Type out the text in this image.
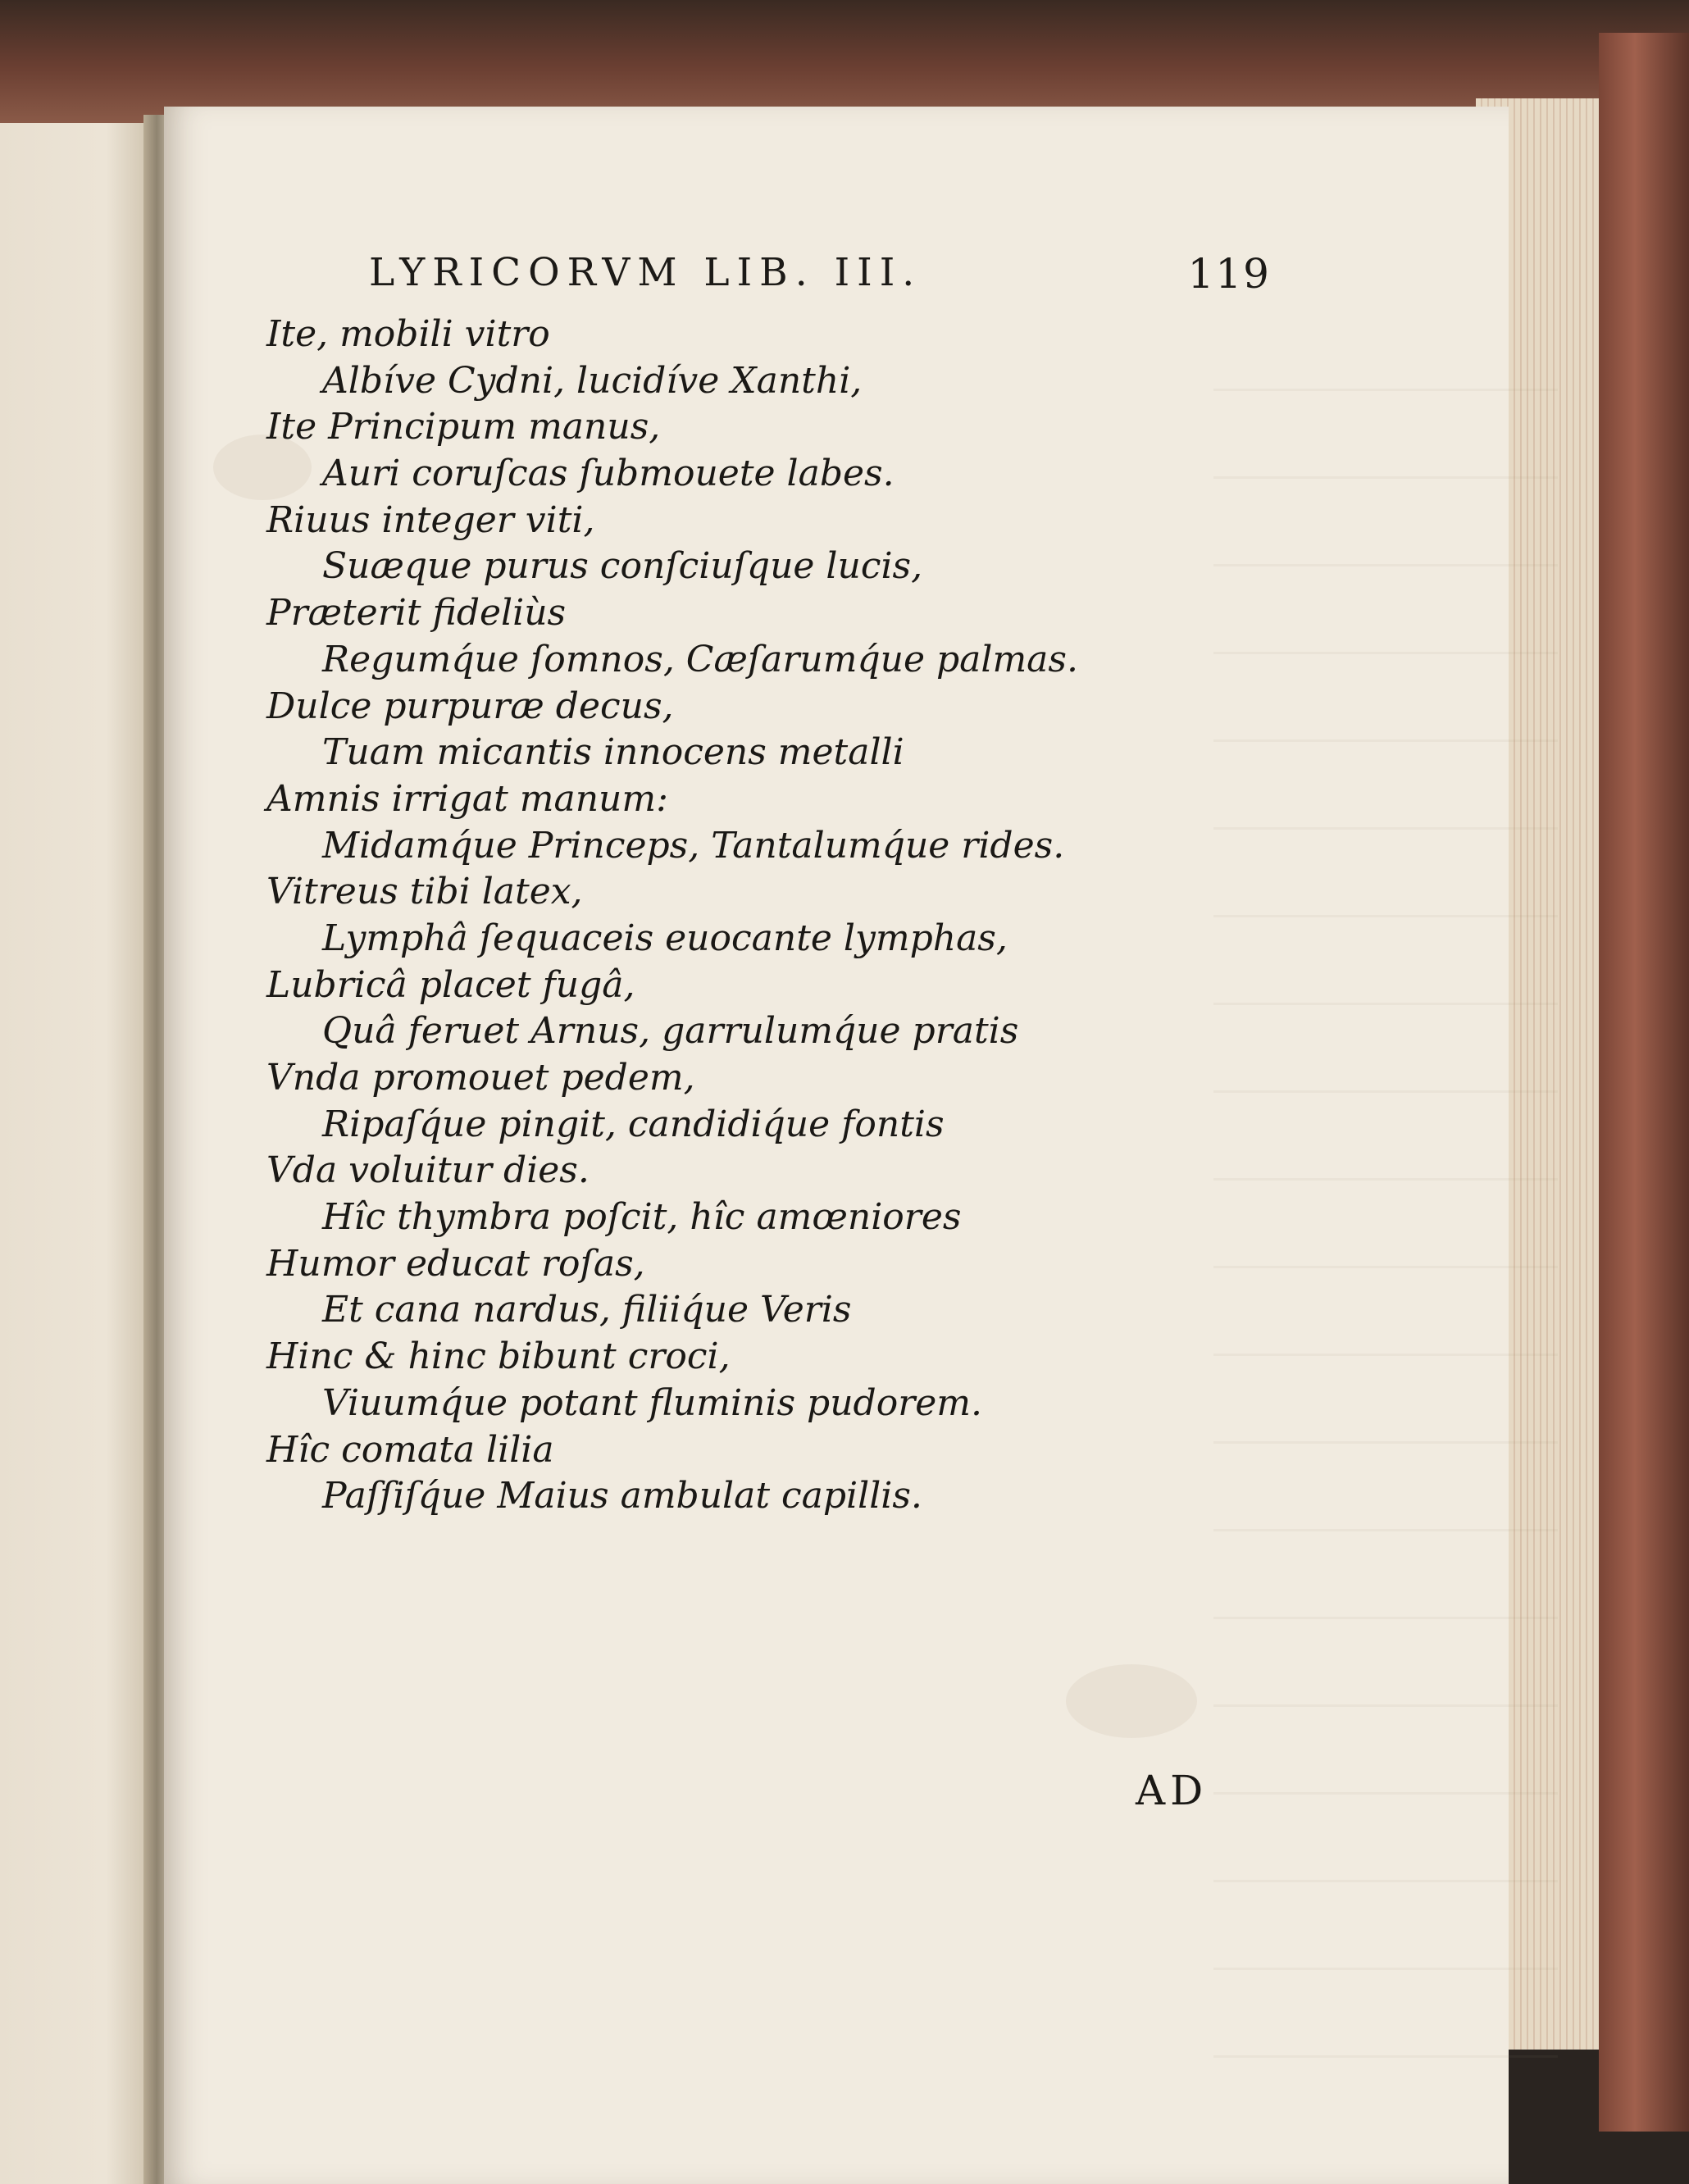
LYRICORVM LIB. III.	119
Ite, mobili vitro
Albíve Cydni, lucidíve Xanthi,
Ite Principum manus,
Auri coruſcas ſubmouete labes.
Riuus integer viti,
Suæque purus conſciuſque lucis,
Præterit fideliùs
Regumq́ue ſomnos, Cæſarumq́ue palmas.
Dulce purpuræ decus,
Tuam micantis innocens metalli
Amnis irrigat manum:
Midamq́ue Princeps, Tantalumq́ue rides.
Vitreus tibi latex,
Lymphâ ſequaceis euocante lymphas,
Lubricâ placet fugâ,
Quâ feruet Arnus, garrulumq́ue pratis
Vnda promouet pedem,
Ripaſq́ue pingit, candidiq́ue fontis
Vda voluitur dies.
Hîc thymbra poſcit, hîc amœniores
Humor educat roſas,
Et cana nardus, filiiq́ue Veris
Hinc & hinc bibunt croci,
Viuumq́ue potant fluminis pudorem.
Hîc comata lilia
Paſſiſq́ue Maius ambulat capillis.
AD
